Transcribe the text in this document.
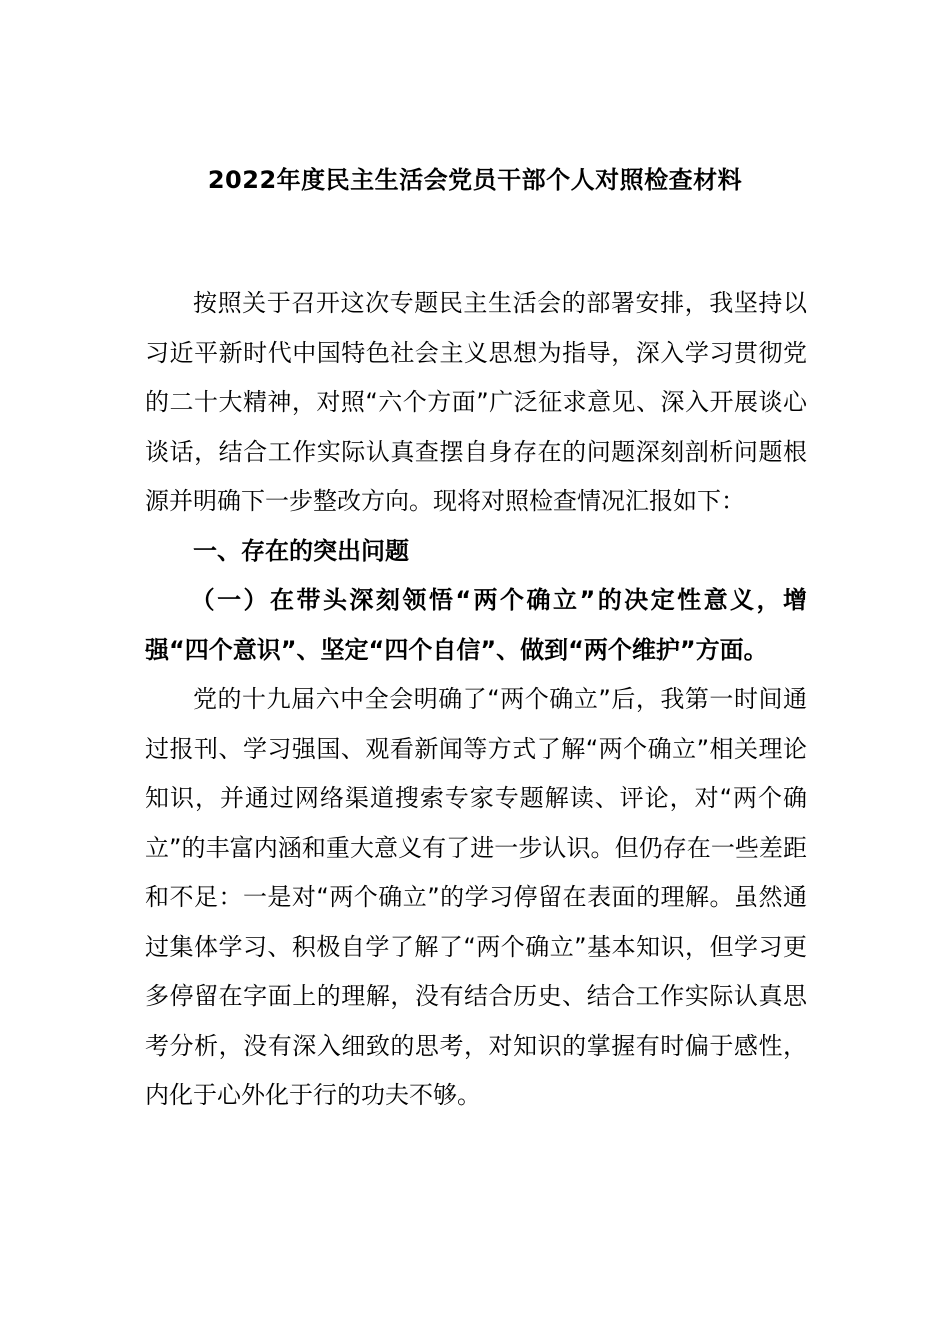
2022年度民主生活会党员干部个人对照检查材料

按照关于召开这次专题民主生活会的部署安排，我坚持以习近平新时代中国特色社会主义思想为指导，深入学习贯彻党的二十大精神，对照“六个方面”广泛征求意见、深入开展谈心谈话，结合工作实际认真查摆自身存在的问题深刻剖析问题根源并明确下一步整改方向。现将对照检查情况汇报如下：

一、存在的突出问题

（一）在带头深刻领悟“两个确立”的决定性意义，增强“四个意识”、坚定“四个自信”、做到“两个维护”方面。

党的十九届六中全会明确了“两个确立”后，我第一时间通过报刊、学习强国、观看新闻等方式了解“两个确立”相关理论知识，并通过网络渠道搜索专家专题解读、评论，对“两个确立”的丰富内涵和重大意义有了进一步认识。但仍存在一些差距和不足：一是对“两个确立”的学习停留在表面的理解。虽然通过集体学习、积极自学了解了“两个确立”基本知识，但学习更多停留在字面上的理解，没有结合历史、结合工作实际认真思考分析，没有深入细致的思考，对知识的掌握有时偏于感性，内化于心外化于行的功夫不够。
